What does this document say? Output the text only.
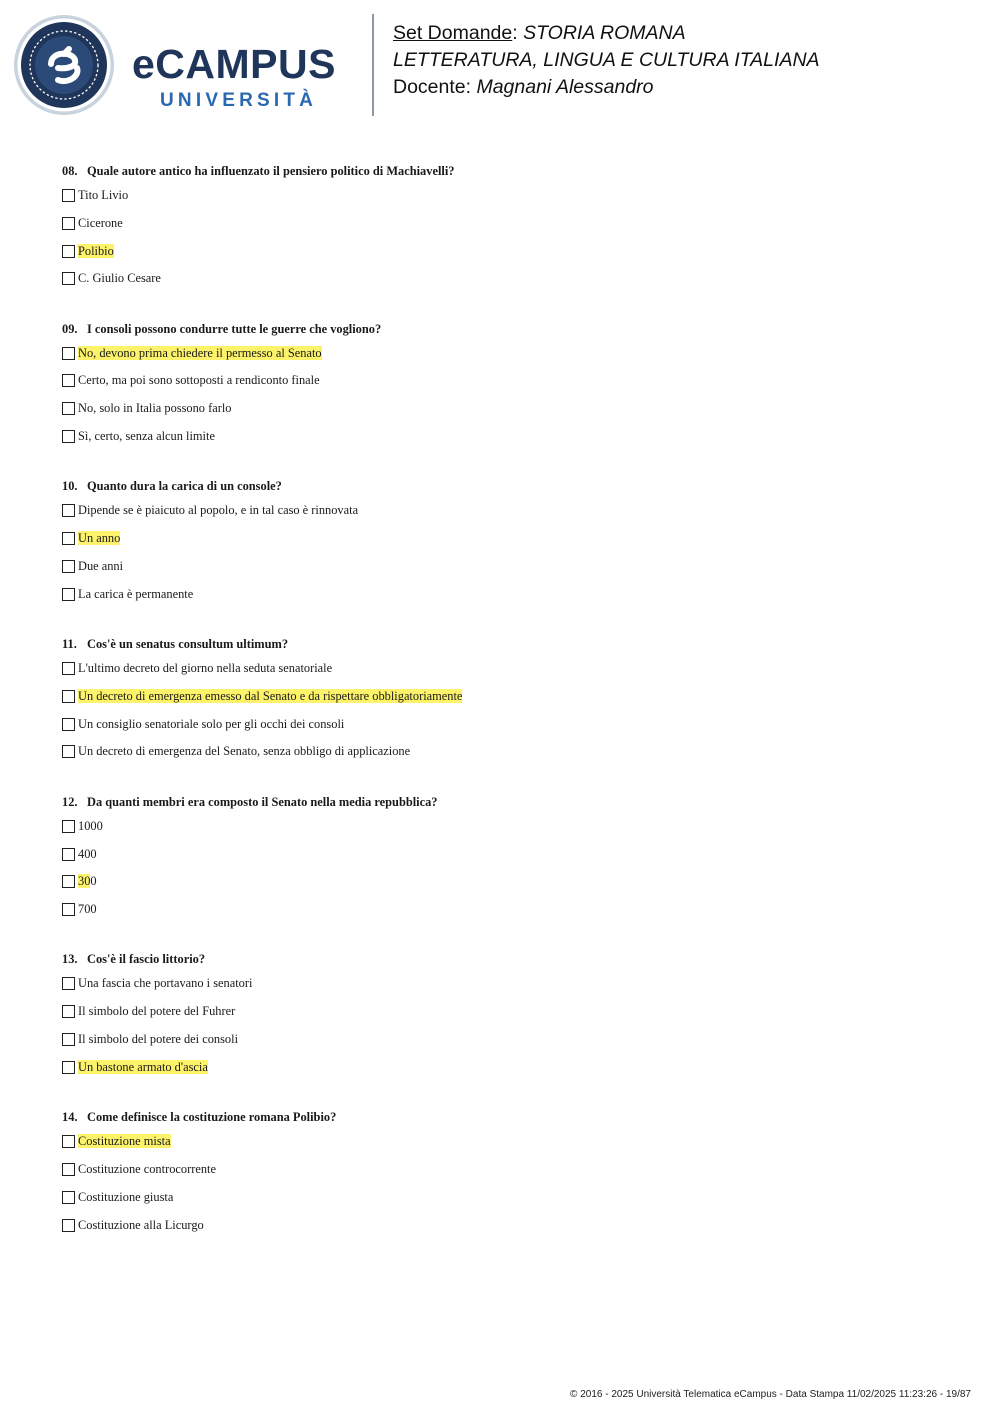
eCAMPUS
UNIVERSITÀ
Set Domande: STORIA ROMANA
LETTERATURA, LINGUA E CULTURA ITALIANA
Docente: Magnani Alessandro
08. Quale autore antico ha influenzato il pensiero politico di Machiavelli?
Tito Livio
Cicerone
Polibio
C. Giulio Cesare
09. I consoli possono condurre tutte le guerre che vogliono?
No, devono prima chiedere il permesso al Senato
Certo, ma poi sono sottoposti a rendiconto finale
No, solo in Italia possono farlo
Sì, certo, senza alcun limite
10. Quanto dura la carica di un console?
Dipende se è piaicuto al popolo, e in tal caso è rinnovata
Un anno
Due anni
La carica è permanente
11. Cos'è un senatus consultum ultimum?
L'ultimo decreto del giorno nella seduta senatoriale
Un decreto di emergenza emesso dal Senato e da rispettare obbligatoriamente
Un consiglio senatoriale solo per gli occhi dei consoli
Un decreto di emergenza del Senato, senza obbligo di applicazione
12. Da quanti membri era composto il Senato nella media repubblica?
1000
400
300
700
13. Cos'è il fascio littorio?
Una fascia che portavano i senatori
Il simbolo del potere del Fuhrer
Il simbolo del potere dei consoli
Un bastone armato d'ascia
14. Come definisce la costituzione romana Polibio?
Costituzione mista
Costituzione controcorrente
Costituzione giusta
Costituzione alla Licurgo
© 2016 - 2025 Università Telematica eCampus - Data Stampa 11/02/2025 11:23:26 - 19/87
